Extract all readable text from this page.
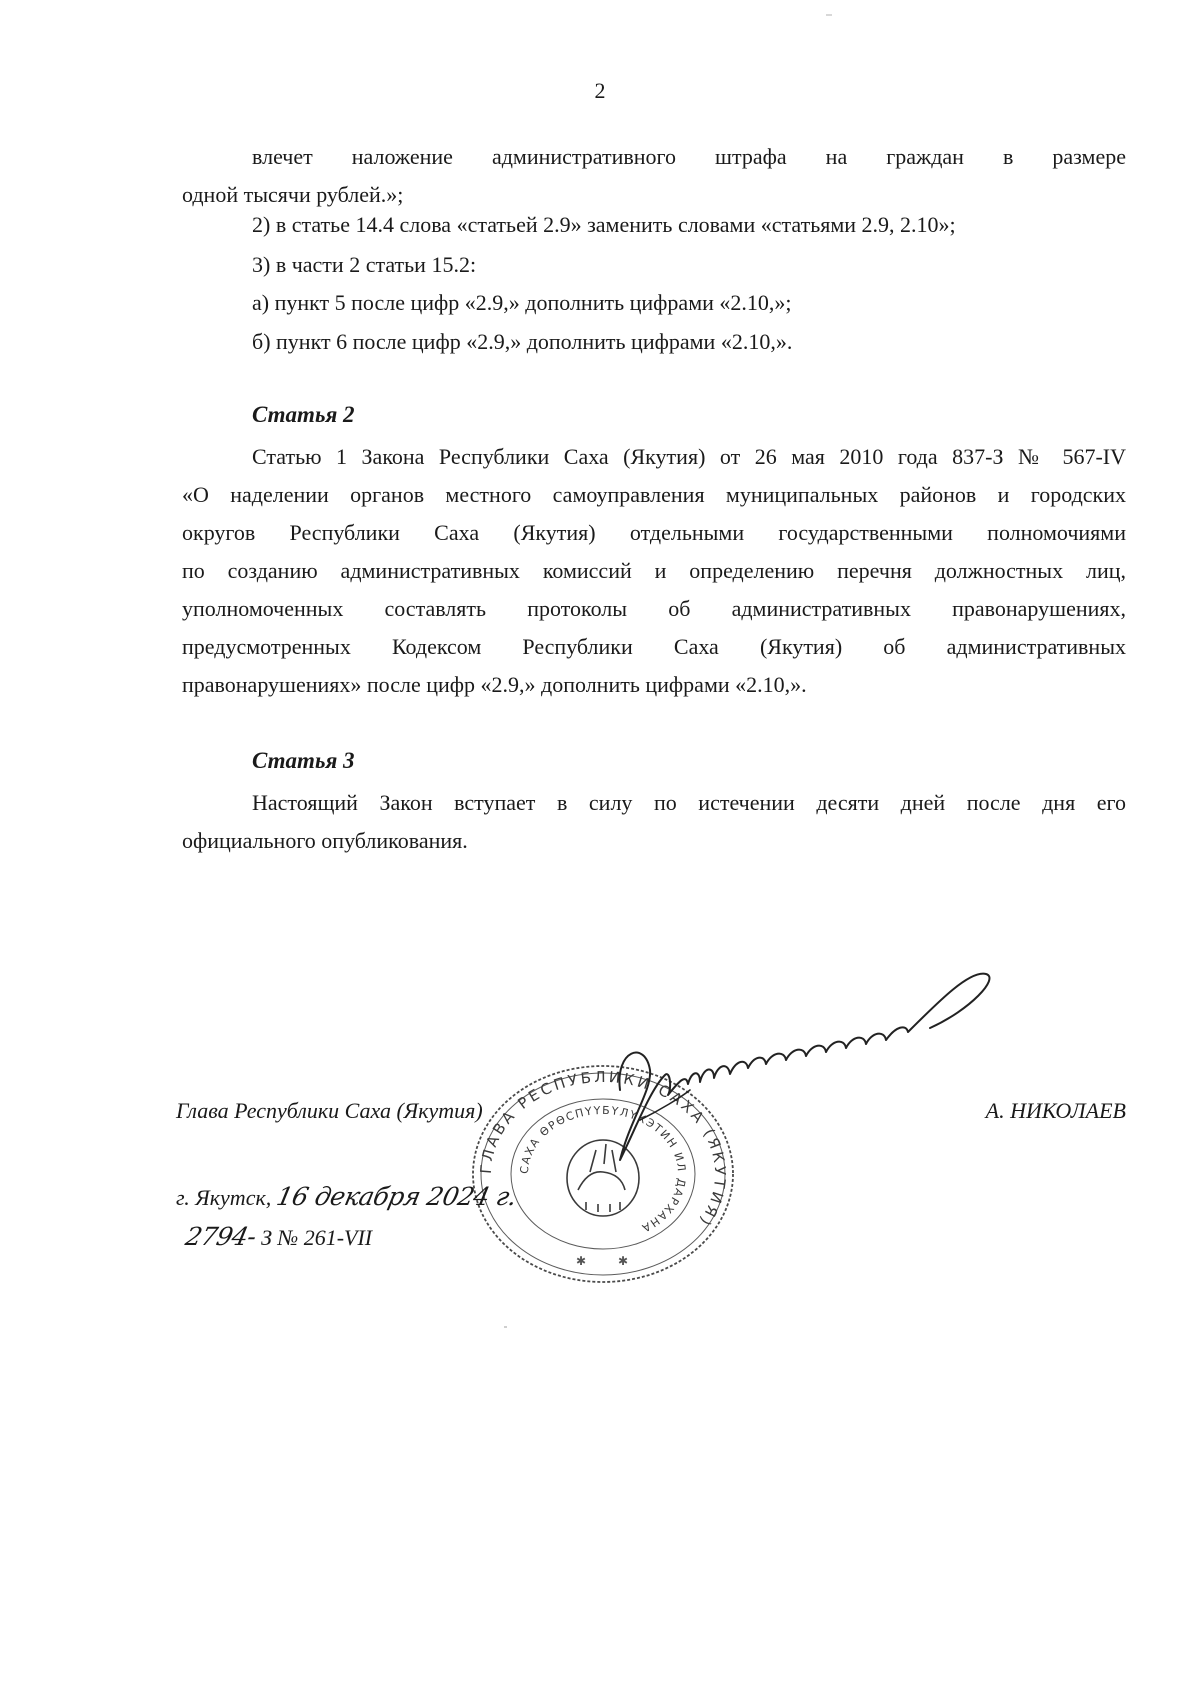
2
влечет наложение административного штрафа на граждан в размере
одной тысячи рублей.»;
2) в статье 14.4 слова «статьей 2.9» заменить словами «статьями 2.9, 2.10»;
3) в части 2 статьи 15.2:
а) пункт 5 после цифр «2.9,» дополнить цифрами «2.10,»;
б) пункт 6 после цифр «2.9,» дополнить цифрами «2.10,».
Статья 2
Статью 1 Закона Республики Саха (Якутия) от 26 мая 2010 года 837-З № 567-IV
«О наделении органов местного самоуправления муниципальных районов и городских
округов Республики Саха (Якутия) отдельными государственными полномочиями
по созданию административных комиссий и определению перечня должностных лиц,
уполномоченных составлять протоколы об административных правонарушениях,
предусмотренных Кодексом Республики Саха (Якутия) об административных
правонарушениях» после цифр «2.9,» дополнить цифрами «2.10,».
Статья 3
Настоящий Закон вступает в силу по истечении десяти дней после дня его
официального опубликования.
ГЛАВА РЕСПУБЛИКИ САХА (ЯКУТИЯ)
САХА ӨРӨСПҮҮБҮЛҮКЭТИН ИЛ ДАРХАНА
✱	✱
Глава Республики Саха (Якутия)	А. НИКОЛАЕВ
г. Якутск, 16 декабря 2024 г.
2794- З № 261-VII
